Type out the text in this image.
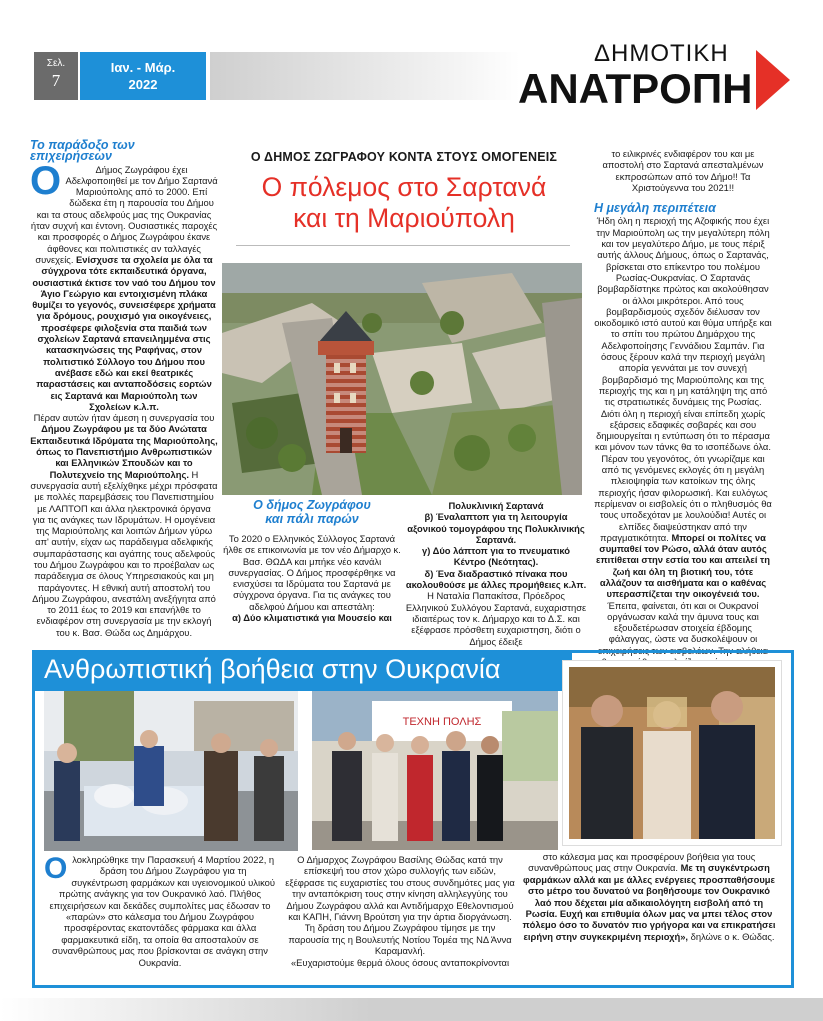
Σελ.
7
Ιαν. - Μάρ.
2022
ΔΗΜΟΤΙΚΗ
ΑΝΑΤΡΟΠΗ
Το παράδοξο των επιχειρήσεων
Ο	Δήμος Ζωγράφου έχει Αδελφοποιηθεί με τον Δήμο Σαρτανά Μαριούπολης από το 2000. Επί δώδεκα έτη η παρουσία του Δήμου και τα στους αδελφούς μας της Ουκρανίας ήταν συχνή και έντονη. Ουσιαστικές παροχές και προσφορές ο Δήμος Ζωγράφου έκανε άφθονες και πολιτιστικές αν ταλλαγές συνεχείς. Ενίσχυσε τα σχολεία με όλα τα σύγχρονα τότε εκπαιδευτικά όργανα, ουσιαστικά έκτισε τον ναό του Δήμου τον Άγιο Γεώργιο και εντοιχισμένη πλάκα θυμίζει το γεγονός, συνεισέφερε χρήματα για δρόμους, ρουχισμό για οικογένειες, προσέφερε φιλοξενία στα παιδιά των σχολείων Σαρτανά επανειλημμένα στις κατασκηνώσεις της Ραφήνας, στον πολιτιστικό Σύλλογο του Δήμου που ανέβασε εδώ και εκεί θεατρικές παραστάσεις και ανταποδόσεις εορτών εις Σαρτανά και Μαριούπολη των Σχολείων κ.λ.π.

Πέραν αυτών ήταν άμεση η συνεργασία του Δήμου Ζωγράφου με τα δύο Ανώτατα Εκπαιδευτικά Ιδρύματα της Μαριούπολης, όπως το Πανεπιστήμιο Ανθρωπιστικών και Ελληνικών Σπουδών και το Πολυτεχνείο της Μαριούπολης. Η συνεργασία αυτή εξελίχθηκε μέχρι πρόσφατα με πολλές παρεμβάσεις του Πανεπιστημίου με ΛΑΠΤΟΠ και άλλα ηλεκτρονικά όργανα για τις ανάγκες των Ιδρυμάτων. Η ομογένεια της Μαριούπολης και λοιπών Δήμων γύρω απ' αυτήν, είχαν ως παράδειγμα αδελφικής συμπαράστασης και αγάπης τους αδελφούς του Δήμου Ζωγράφου και το προέβαλαν ως παράδειγμα σε όλους Υπηρεσιακούς και μη παράγοντες. Η εθνική αυτή αποστολή του Δήμου Ζωγράφου, ανεστάλη ανεξήγητα από το 2011 έως το 2019 και επανήλθε το ενδιαφέρον στη συνεργασία με την εκλογή του κ. Βασ. Θώδα ως Δημάρχου.

Ο ΔΗΜΟΣ ΖΩΓΡΑΦΟΥ ΚΟΝΤΑ ΣΤΟΥΣ ΟΜΟΓΕΝΕΙΣ
Ο πόλεμος στο Σαρτανά
και τη Μαριούπολη
Ο δήμος Ζωγράφου
και πάλι παρών

Το 2020 ο Ελληνικός Σύλλογος Σαρτανά ήλθε σε επικοινωνία με τον νέο Δήμαρχο κ. Βασ. ΘΩΔΑ και μπήκε νέο κανάλι συνεργασίας. Ο Δήμος προσφέρθηκε να ενισχύσει τα Ιδρύματα του Σαρτανά με σύγχρονα όργανα. Για τις ανάγκες του αδελφού Δήμου και απεστάλη:

α) Δύο κλιματιστικά για Μουσείο και

Πολυκλινική Σαρτανά

β) Έναλαπτοπ για τη λειτουργία αξονικού τομογράφου της Πολυκλινικής Σαρτανά.

γ) Δύο λάπτοπ για το πνευματικό Κέντρο (Νεότητας).

δ) Ένα διαδραστικό πίνακα που ακολουθούσε με άλλες προμήθειες κ.λπ.

Η Ναταλία Παπακίτσα, Πρόεδρος Ελληνικού Συλλόγου Σαρτανά, ευχαριστησε ιδιαιτέρως τον κ. Δήμαρχο και το Δ.Σ. και εξέφρασε πρόσθετη ευχαριστηση, διότι ο Δήμος έδειξε

το ειλικρινές ενδιαφέρον του και με αποστολή στο Σαρτανά απεσταλμένων εκπροσώπων από τον Δήμο!! Τα Χριστούγεννα του 2021!!

Η μεγάλη περιπέτεια

Ήδη όλη η περιοχή της Αζοφικής που έχει την Μαριούπολη ως την μεγαλύτερη πόλη και τον μεγαλύτερο Δήμο, με τους πέριξ αυτής άλλους Δήμους, όπως ο Σαρτανάς, βρίσκεται στο επίκεντρο του πολέμου Ρωσίας-Ουκρανίας. Ο Σαρτανάς βομβαρδίστηκε πρώτος και ακολούθησαν οι άλλοι μικρότεροι. Από τους βομβαρδισμούς σχεδόν διέλυσαν τον οικοδομικό ιστό αυτού και θύμα υπήρξε και το σπίτι του πρώτου Δημάρχου της Αδελφοποίησης Γεννάδιου Σαμπάν. Για όσους ξέρουν καλά την περιοχή μεγάλη απορία γεννάται με τον συνεχή βομβαρδισμό της Μαριούπολης και της περιοχής της και η μη κατάληψη της από τις στρατιωτικές δυνάμεις της Ρωσίας. Διότι όλη η περιοχή είναι επίπεδη χωρίς εξάρσεις εδαφικές σοβαρές και σου δημιουργείται η εντύπωση ότι το πέρασμα και μόνον των τάνκς θα το ισοπέδωνε όλα. Πέραν του γεγονότος, ότι γνωρίζαμε και από τις γενόμενες εκλογές ότι η μεγάλη πλειοψηφία των κατοίκων της όλης περιοχής ήσαν φιλορωσική. Και ευλόγως περίμεναν οι εισβολείς ότι ο πληθυσμός θα τους υποδεχόταν με λουλούδια! Αυτές οι ελπίδες διαψεύστηκαν από την πραγματικότητα. Μπορεί οι πολίτες να συμπαθεί τον Ρώσο, αλλά όταν αυτός επιτίθεται στην εστία του και απειλεί τη ζωή και όλη τη βιοτική του, τότε αλλάζουν τα αισθήματα και ο καθένας υπερασπίζεται την οικογένειά του. Έπειτα, φαίνεται, ότι και οι Ουκρανοί οργάνωσαν καλά την άμυνα τους και εξουδετέρωσαν στοιχεία έβδομης φάλαγγας, ώστε να δυσκολέψουν οι επιχειρήσεις των εισβολέων. Την αλήθεια

Ανθρωπιστική βοήθεια στην Ουκρανία
ΤΕΧΝΗ ΠΟΛΗΣ
Ο λοκληρώθηκε την Παρασκευή 4 Μαρτίου 2022, η δράση του Δήμου Ζωγράφου για τη συγκέντρωση φαρμάκων και υγειονομικού υλικού πρώτης ανάγκης για τον Ουκρανικό λαό. Πλήθος επιχειρήσεων και δεκάδες συμπολίτες μας έδωσαν το «παρών» στο κάλεσμα του Δήμου Ζωγράφου προσφέροντας εκατοντάδες φάρμακα και άλλα φαρμακευτικά είδη, τα οποία θα αποσταλούν σε συνανθρώπους μας που βρίσκονται σε ανάγκη στην Ουκρανία.

Ο Δήμαρχος Ζωγράφου Βασίλης Θώδας κατά την επίσκεψή του στον χώρο συλλογής των ειδών, εξέφρασε τις ευχαριστίες του στους συνδημότες μας για την ανταπόκριση τους στην κίνηση αλληλεγγύης του Δήμου Ζωγράφου αλλά και Αντιδήμαρχο Εθελοντισμού και ΚΑΠΗ, Γιάννη Βρούτση για την άρτια διοργάνωση. Τη δράση του Δήμου Ζωγράφου τίμησε με την παρουσία της η Βουλευτής Νοτίου Τομέα της ΝΔ Άννα Καραμανλή.

«Ευχαριστούμε θερμά όλους όσους ανταποκρίνονται

στο κάλεσμα μας και προσφέρουν βοήθεια για τους συνανθρώπους μας στην Ουκρανία. Με τη συγκέντρωση φαρμάκων αλλά και με άλλες ενέργειες προσπαθήσουμε στο μέτρο του δυνατού να βοηθήσουμε τον Ουκρανικό λαό που δέχεται μία αδικαιολόγητη εισβολή από τη Ρωσία. Ευχή και επιθυμία όλων μας να μπει τέλος στον πόλεμο όσο το δυνατόν πιο γρήγορα και να επικρατήσει ειρήνη στην συγκεκριμένη περιοχή», δηλώνε ο κ. Θώδας.
